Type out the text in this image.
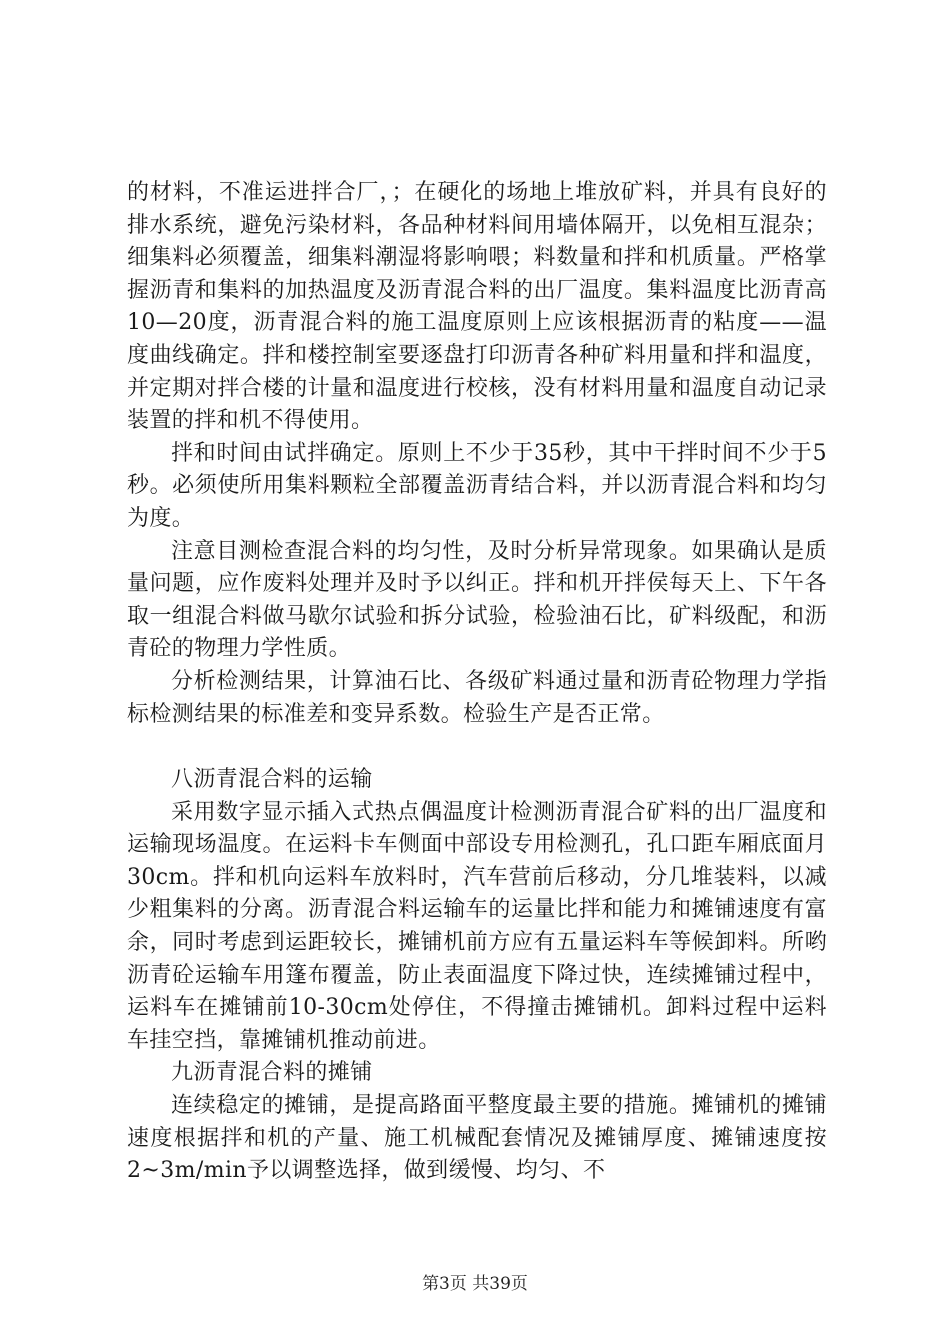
的材料，不准运进拌合厂，；在硬化的场地上堆放矿料，并具有良好的排水系统，避免污染材料，各品种材料间用墙体隔开，以免相互混杂；细集料必须覆盖，细集料潮湿将影响喂；料数量和拌和机质量。严格掌握沥青和集料的加热温度及沥青混合料的出厂温度。集料温度比沥青高10—20度，沥青混合料的施工温度原则上应该根据沥青的粘度——温度曲线确定。拌和楼控制室要逐盘打印沥青各种矿料用量和拌和温度，并定期对拌合楼的计量和温度进行校核，没有材料用量和温度自动记录装置的拌和机不得使用。

拌和时间由试拌确定。原则上不少于35秒，其中干拌时间不少于5秒。必须使所用集料颗粒全部覆盖沥青结合料，并以沥青混合料和均匀为度。

注意目测检查混合料的均匀性，及时分析异常现象。如果确认是质量问题，应作废料处理并及时予以纠正。拌和机开拌侯每天上、下午各取一组混合料做马歇尔试验和拆分试验，检验油石比，矿料级配，和沥青砼的物理力学性质。

分析检测结果，计算油石比、各级矿料通过量和沥青砼物理力学指标检测结果的标准差和变异系数。检验生产是否正常。

八沥青混合料的运输

采用数字显示插入式热点偶温度计检测沥青混合矿料的出厂温度和运输现场温度。在运料卡车侧面中部设专用检测孔，孔口距车厢底面月30cm。拌和机向运料车放料时，汽车营前后移动，分几堆装料，以减少粗集料的分离。沥青混合料运输车的运量比拌和能力和摊铺速度有富余，同时考虑到运距较长，摊铺机前方应有五量运料车等候卸料。所哟沥青砼运输车用篷布覆盖，防止表面温度下降过快，连续摊铺过程中，运料车在摊铺前10-30cm处停住，不得撞击摊铺机。卸料过程中运料车挂空挡，靠摊铺机推动前进。

九沥青混合料的摊铺

连续稳定的摊铺，是提高路面平整度最主要的措施。摊铺机的摊铺速度根据拌和机的产量、施工机械配套情况及摊铺厚度、摊铺速度按2~3m/min予以调整选择，做到缓慢、均匀、不

第3页 共39页
